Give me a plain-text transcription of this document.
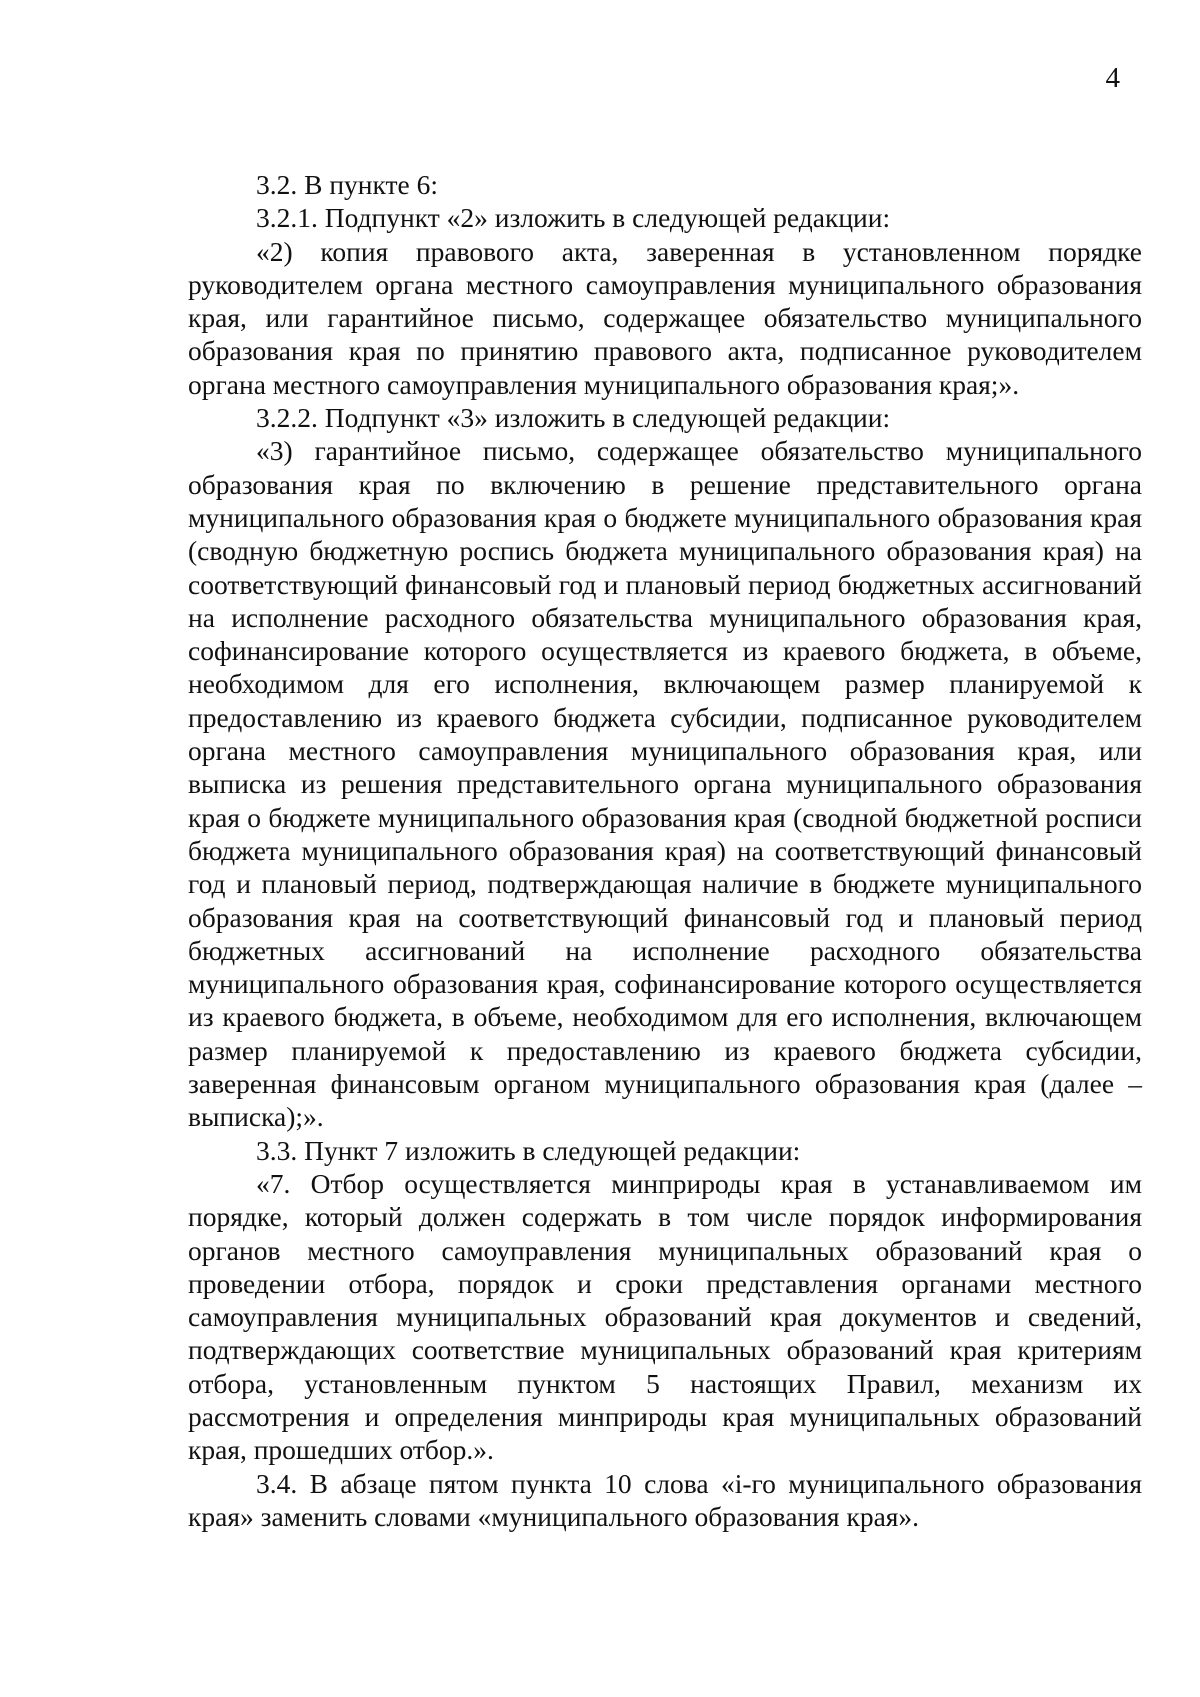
4

3.2. В пункте 6:

3.2.1. Подпункт «2» изложить в следующей редакции:

«2) копия правового акта, заверенная в установленном порядке руководителем органа местного самоуправления муниципального образования края, или гарантийное письмо, содержащее обязательство муниципального образования края по принятию правового акта, подписанное руководителем органа местного самоуправления муниципального образования края;».

3.2.2. Подпункт «3» изложить в следующей редакции:

«3) гарантийное письмо, содержащее обязательство муниципального образования края по включению в решение представительного органа муниципального образования края о бюджете муниципального образования края (сводную бюджетную роспись бюджета муниципального образования края) на соответствующий финансовый год и плановый период бюджетных ассигнований на исполнение расходного обязательства муниципального образования края, софинансирование которого осуществляется из краевого бюджета, в объеме, необходимом для его исполнения, включающем размер планируемой к предоставлению из краевого бюджета субсидии, подписанное руководителем органа местного самоуправления муниципального образования края, или выписка из решения представительного органа муниципального образования края о бюджете муниципального образования края (сводной бюджетной росписи бюджета муниципального образования края) на соответствующий финансовый год и плановый период, подтверждающая наличие в бюджете муниципального образования края на соответствующий финансовый год и плановый период бюджетных ассигнований на исполнение расходного обязательства муниципального образования края, софинансирование которого осуществляется из краевого бюджета, в объеме, необходимом для его исполнения, включающем размер планируемой к предоставлению из краевого бюджета субсидии, заверенная финансовым органом муниципального образования края (далее – выписка);».

3.3. Пункт 7 изложить в следующей редакции:

«7. Отбор осуществляется минприроды края в устанавливаемом им порядке, который должен содержать в том числе порядок информирования органов местного самоуправления муниципальных образований края о проведении отбора, порядок и сроки представления органами местного самоуправления муниципальных образований края документов и сведений, подтверждающих соответствие муниципальных образований края критериям отбора, установленным пунктом 5 настоящих Правил, механизм их рассмотрения и определения минприроды края муниципальных образований края, прошедших отбор.».

3.4. В абзаце пятом пункта 10 слова «i-го муниципального образования края» заменить словами «муниципального образования края».
